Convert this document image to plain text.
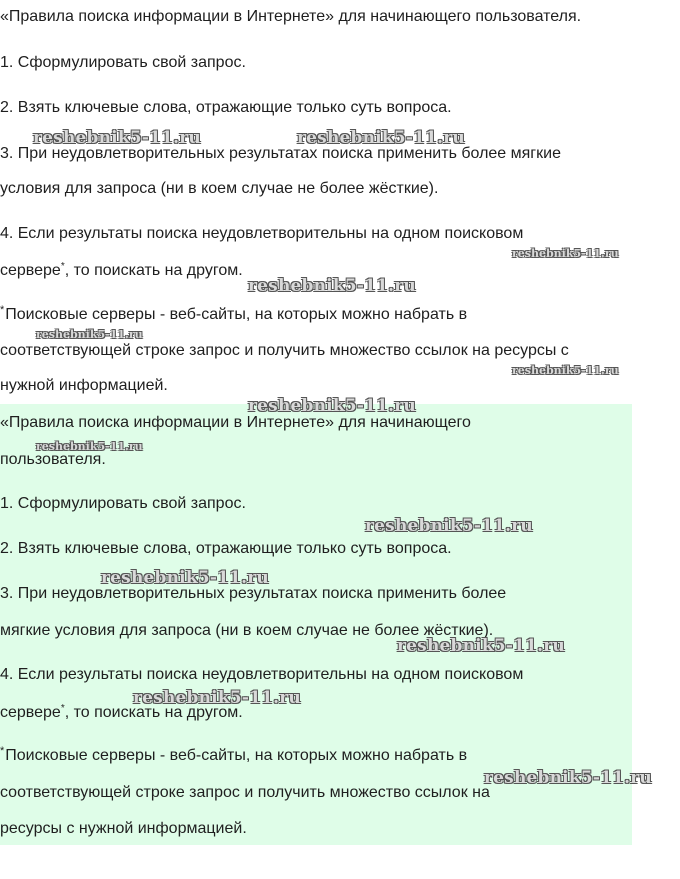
«Правила поиска информации в Интернете» для начинающего пользователя.
1. Сформулировать свой запрос.
2. Взять ключевые слова, отражающие только суть вопроса.
3. При неудовлетворительных результатах поиска применить более мягкие
условия для запроса (ни в коем случае не более жёсткие).
4. Если результаты поиска неудовлетворительны на одном поисковом
сервере*, то поискать на другом.
*Поисковые серверы - веб-сайты, на которых можно набрать в
соответствующей строке запрос и получить множество ссылок на ресурсы с
нужной информацией.
«Правила поиска информации в Интернете» для начинающего
пользователя.
1. Сформулировать свой запрос.
2. Взять ключевые слова, отражающие только суть вопроса.
3. При неудовлетворительных результатах поиска применить более
мягкие условия для запроса (ни в коем случае не более жёсткие).
4. Если результаты поиска неудовлетворительны на одном поисковом
сервере*, то поискать на другом.
*Поисковые серверы - веб-сайты, на которых можно набрать в
соответствующей строке запрос и получить множество ссылок на
ресурсы с нужной информацией.
reshebnik5-11.ru	reshebnik5-11.ru
reshebnik5-11.ru
reshebnik5-11.ru
reshebnik5-11.ru
reshebnik5-11.ru
reshebnik5-11.ru
reshebnik5-11.ru
reshebnik5-11.ru
reshebnik5-11.ru
reshebnik5-11.ru
reshebnik5-11.ru
reshebnik5-11.ru
